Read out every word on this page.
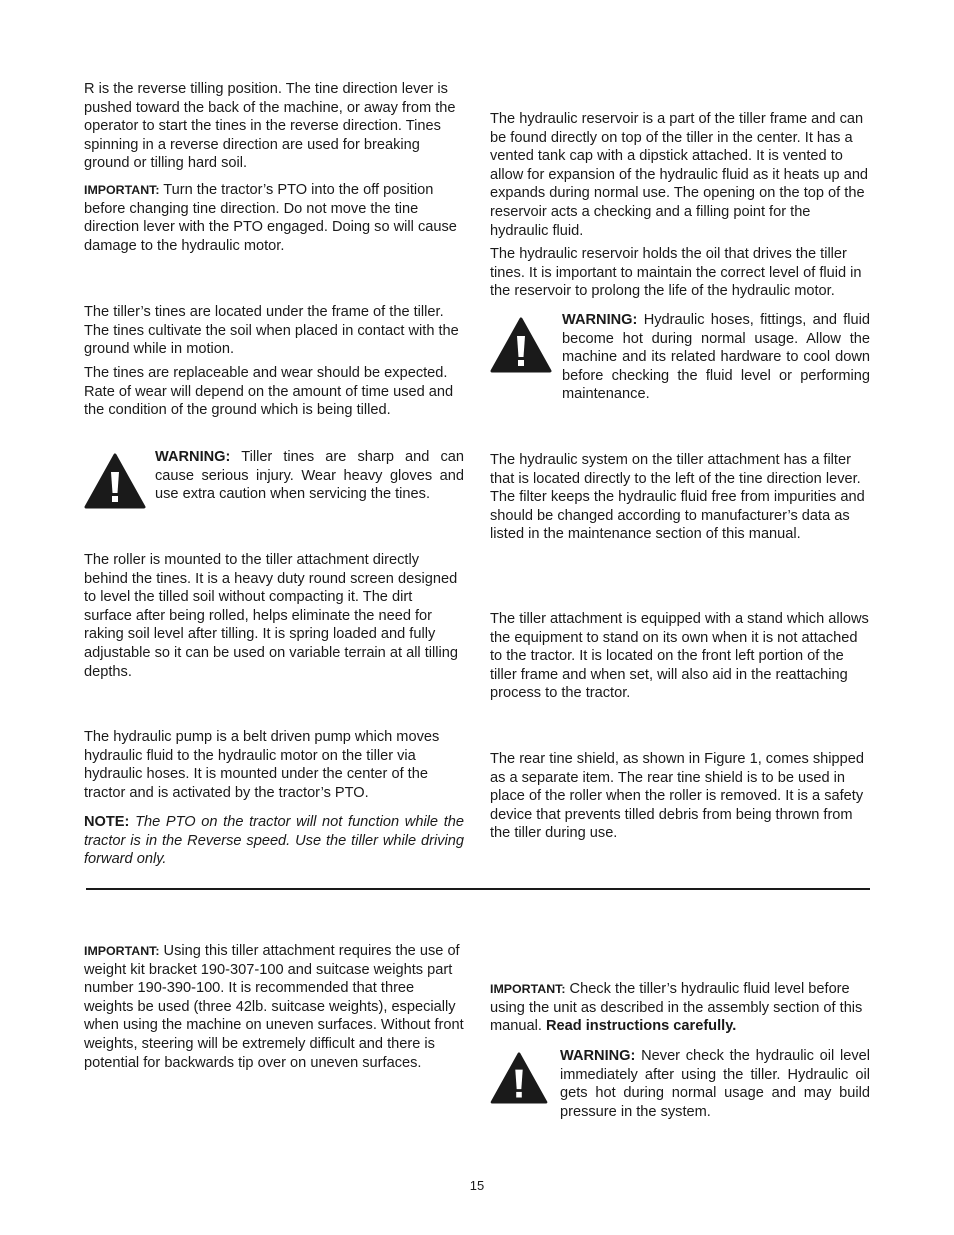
R is the reverse tilling position. The tine direction lever is pushed toward the back of the machine, or away from the operator to start the tines in the reverse direction. Tines spinning in a reverse direction are used for breaking ground or tilling hard soil.

IMPORTANT: Turn the tractor’s PTO into the off position before changing tine direction. Do not move the tine direction lever with the PTO engaged. Doing so will cause damage to the hydraulic motor.

The tiller’s tines are located under the frame of the tiller. The tines cultivate the soil when placed in contact with the ground while in motion.

The tines are replaceable and wear should be expected. Rate of wear will depend on the amount of time used and the condition of the ground which is being tilled.

WARNING: Tiller tines are sharp and can cause serious injury. Wear heavy gloves and use extra caution when servicing the tines.

The roller is mounted to the tiller attachment directly behind the tines. It is a heavy duty round screen designed to level the tilled soil without compacting it. The dirt surface after being rolled, helps eliminate the need for raking soil level after tilling. It is spring loaded and fully adjustable so it can be used on variable terrain at all tilling depths.

The hydraulic pump is a belt driven pump which moves hydraulic fluid to the hydraulic motor on the tiller via hydraulic hoses. It is mounted under the center of the tractor and is activated by the tractor’s PTO.

NOTE: The PTO on the tractor will not function while the tractor is in the Reverse speed. Use the tiller while driving forward only.

The hydraulic reservoir is a part of the tiller frame and can be found directly on top of the tiller in the center. It has a vented tank cap with a dipstick attached. It is vented to allow for expansion of the hydraulic fluid as it heats up and expands during normal use. The opening on the top of the reservoir acts a checking and a filling point for the hydraulic fluid.

The hydraulic reservoir holds the oil that drives the tiller tines. It is important to maintain the correct level of fluid in the reservoir to prolong the life of the hydraulic motor.

WARNING: Hydraulic hoses, fittings, and fluid become hot during normal usage. Allow the machine and its related hardware to cool down before checking the fluid level or performing maintenance.

The hydraulic system on the tiller attachment has a filter that is located directly to the left of the tine direction lever. The filter keeps the hydraulic fluid free from impurities and should be changed according to manufacturer’s data as listed in the maintenance section of this manual.

The tiller attachment is equipped with a stand which allows the equipment to stand on its own when it is not attached to the tractor. It is located on the front left portion of the tiller frame and when set, will also aid in the reattaching process to the tractor.

The rear tine shield, as shown in Figure 1, comes shipped as a separate item. The rear tine shield is to be used in place of the roller when the roller is removed. It is a safety device that prevents tilled debris from being thrown from the tiller during use.

IMPORTANT: Using this tiller attachment requires the use of weight kit bracket 190-307-100 and suitcase weights part number 190-390-100. It is recommended that three weights be used (three 42lb. suitcase weights), especially when using the machine on uneven surfaces. Without front weights, steering will be extremely difficult and there is potential for backwards tip over on uneven surfaces.

IMPORTANT: Check the tiller’s hydraulic fluid level before using the unit as described in the assembly section of this manual. Read instructions carefully.

WARNING: Never check the hydraulic oil level immediately after using the tiller. Hydraulic oil gets hot during normal usage and may build pressure in the system.

15
